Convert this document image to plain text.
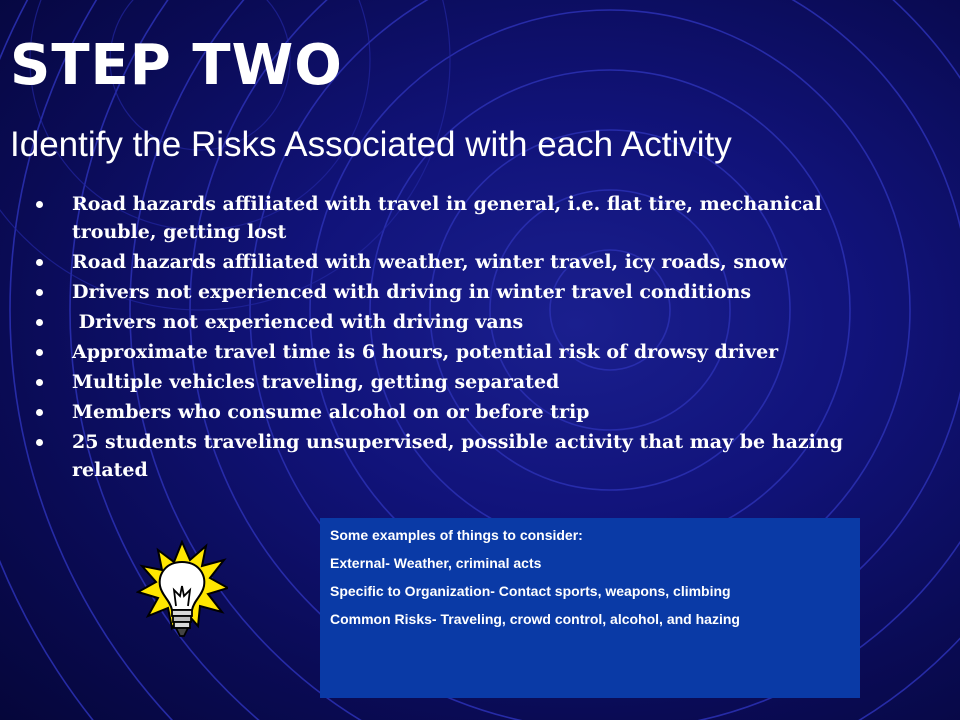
STEP TWO
Identify the Risks Associated with each Activity
Road hazards affiliated with travel in general, i.e. flat tire, mechanical trouble, getting lost
Road hazards affiliated with weather, winter travel, icy roads, snow
Drivers not experienced with driving in winter travel conditions
Drivers not experienced with driving vans
Approximate travel time is 6 hours, potential risk of drowsy driver
Multiple vehicles traveling, getting separated
Members who consume alcohol on or before trip
25 students traveling unsupervised, possible activity that may be hazing related

Some examples of things to consider:

External- Weather, criminal acts

Specific to Organization- Contact sports, weapons, climbing

Common Risks- Traveling, crowd control, alcohol, and hazing
